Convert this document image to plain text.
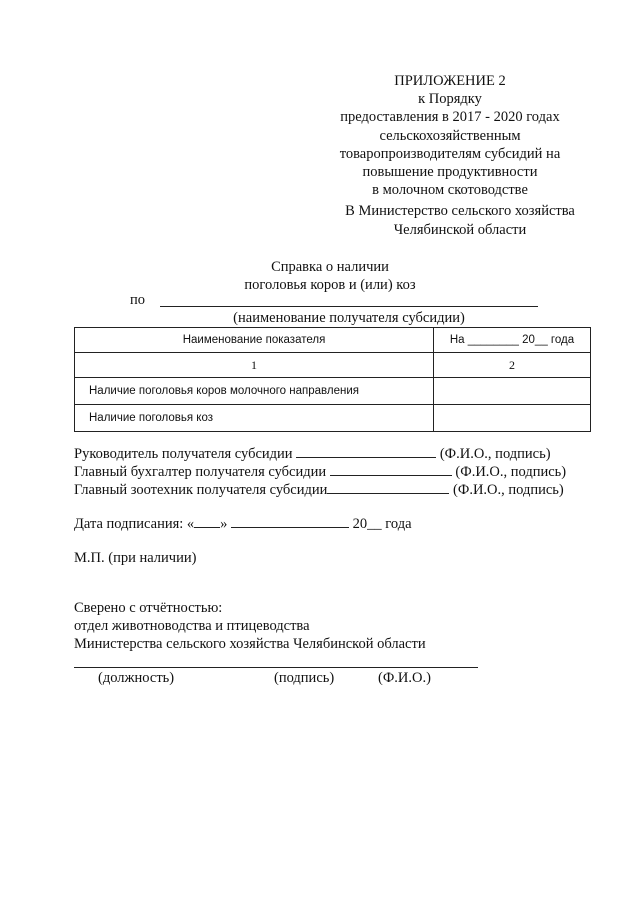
ПРИЛОЖЕНИЕ 2
к Порядку
предоставления в 2017 - 2020 годах
сельскохозяйственным
товаропроизводителям субсидий на
повышение продуктивности
в молочном скотоводстве
В Министерство сельского хозяйства
Челябинской области
Справка о наличии
поголовья коров и (или) коз
по
(наименование получателя субсидии)
Наименование показателя	На ________ 20__ года
1	2
Наличие поголовья коров молочного направления	
Наличие поголовья коз	
Руководитель получателя субсидии	(Ф.И.О., подпись)
Главный бухгалтер получателя субсидии	(Ф.И.О., подпись)
Главный зоотехник получателя субсидии	(Ф.И.О., подпись)
Дата подписания: « »	20__ года
М.П. (при наличии)
Сверено с отчётностью:
отдел животноводства и птицеводства
Министерства сельского хозяйства Челябинской области
(должность)	(подпись)	(Ф.И.О.)
